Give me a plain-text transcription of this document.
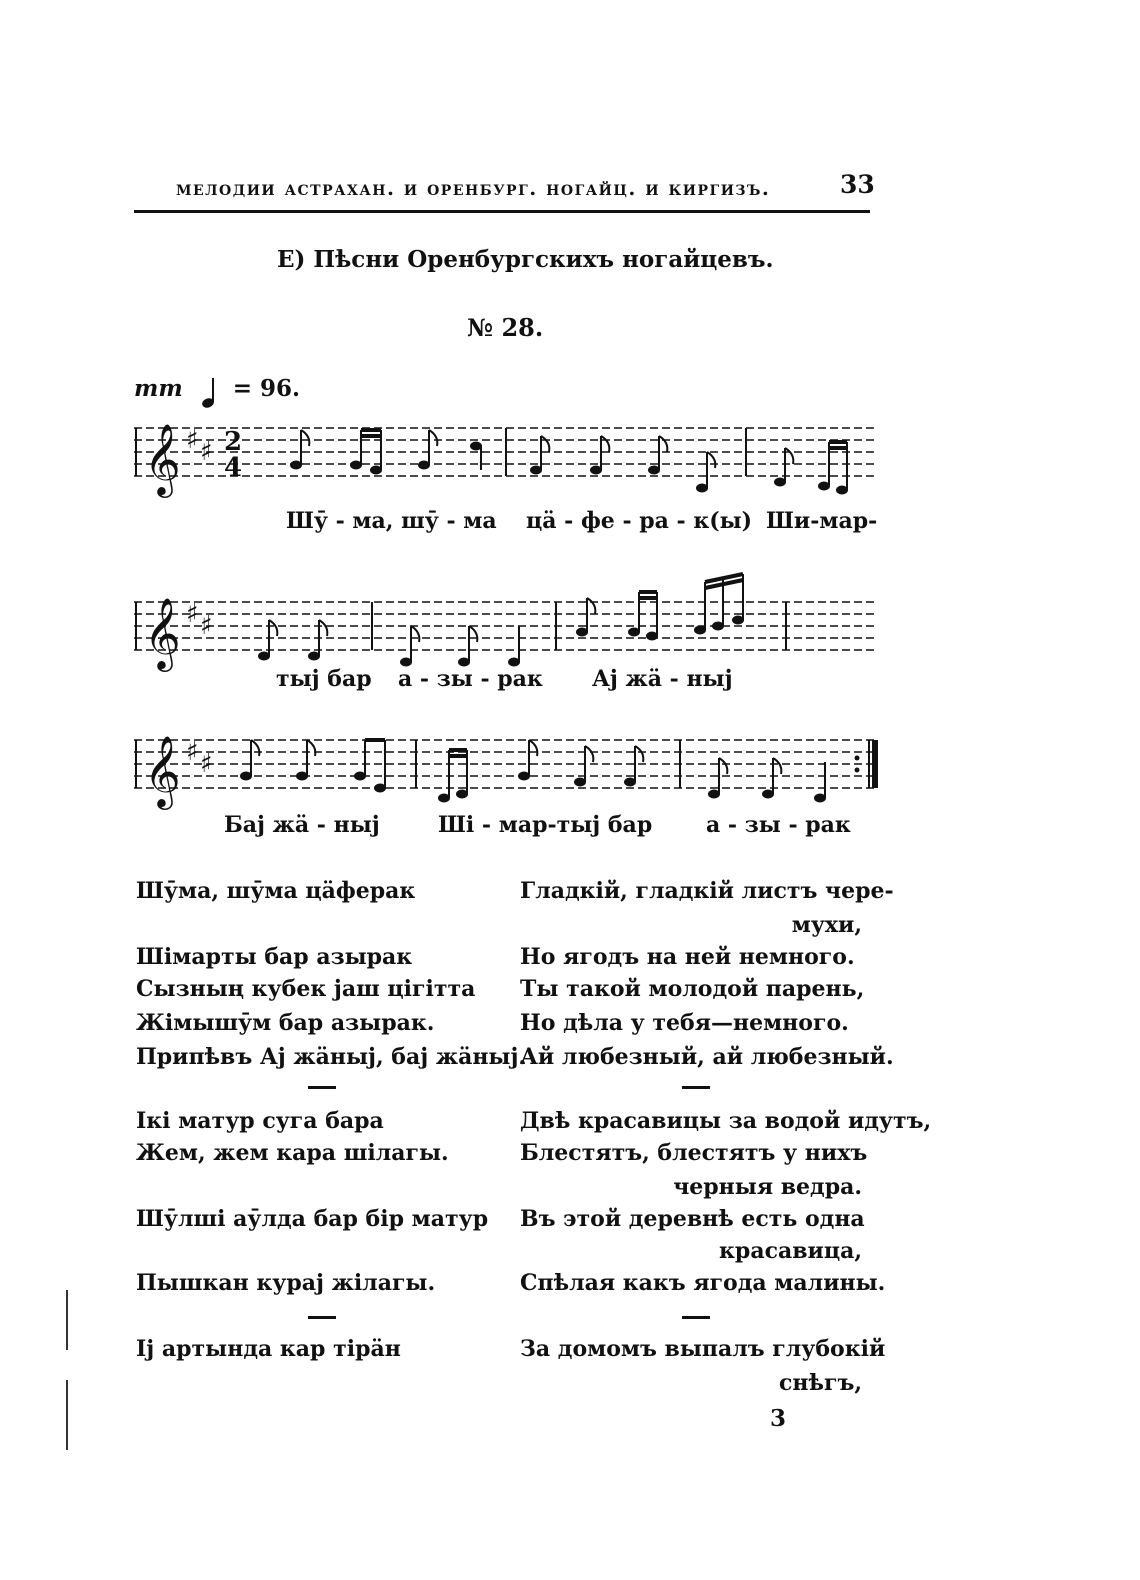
мелодии астрахан. и оренбург. ногайц. и киргизъ.	33
Е) Пѣсни Оренбургскихъ ногайцевъ.
№ 28.
mm = 96.
𝄞 ♯ ♯ 2
4
Шӯ - ма, шӯ - ма цӓ - фе - ра - к(ы) Ши-мар-
𝄞 ♯ ♯
тыј бар а - зы - рак Ај жӓ - ныј
𝄞 ♯ ♯
Бај жӓ - ныј	Ші - мар-тыј бар а - зы - рак
Шӯма, шӯма цӓферак
Шімарты бар азырак
Сызның кубек јаш цігітта
Жімышӯм бар азырак.
Припѣвъ Ај жӓныј, бај жӓныј.
Ікі матур суга бара
Жем, жем кара шілагы.
Шӯлші аӯлда бар бір матур
Пышкан кураj жілагы.
Іj артында кар тірӓн
Гладкій, гладкій листъ чере-
мухи,
Но ягодъ на ней немного.
Ты такой молодой парень,
Но дѣла у тебя—немного.
Ай любезный, ай любезный.
Двѣ красавицы за водой идутъ,
Блестятъ, блестятъ у нихъ
черныя ведра.
Въ этой деревнѣ есть одна
красавица,
Спѣлая какъ ягода малины.
За домомъ выпалъ глубокій
снѣгъ,
3
